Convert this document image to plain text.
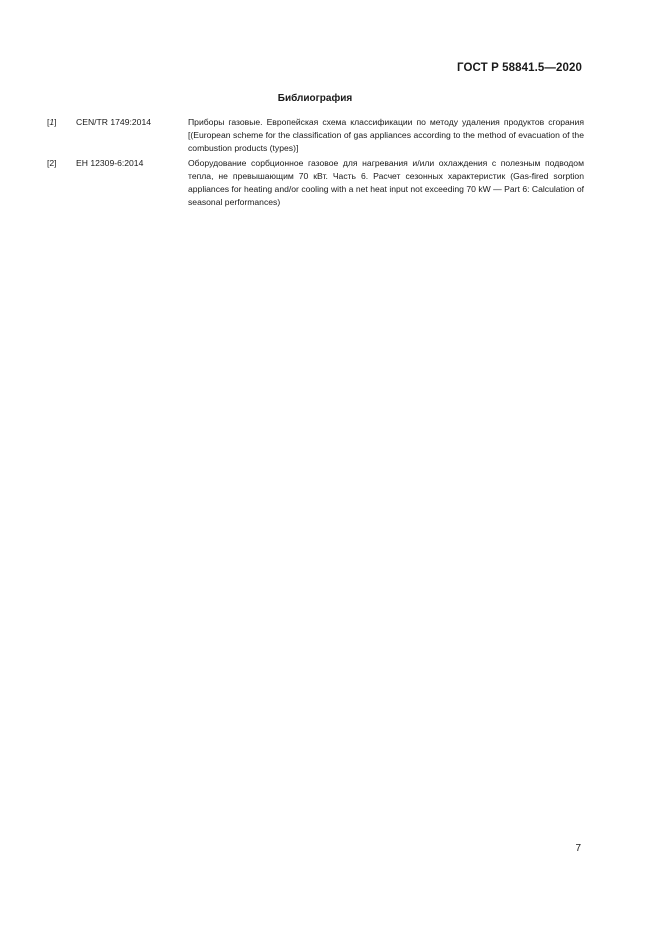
ГОСТ Р 58841.5—2020
Библиография
[1] CEN/TR 1749:2014	Приборы газовые. Европейская схема классификации по методу удаления продуктов сгорания [(European scheme for the classification of gas appliances according to the method of evacuation of the combustion products (types)]
[2] EH 12309-6:2014	Оборудование сорбционное газовое для нагревания и/или охлаждения с полезным подводом тепла, не превышающим 70 кВт. Часть 6. Расчет сезонных характеристик (Gas-fired sorption appliances for heating and/or cooling with a net heat input not exceeding 70 kW — Part 6: Calculation of seasonal performances)
7
